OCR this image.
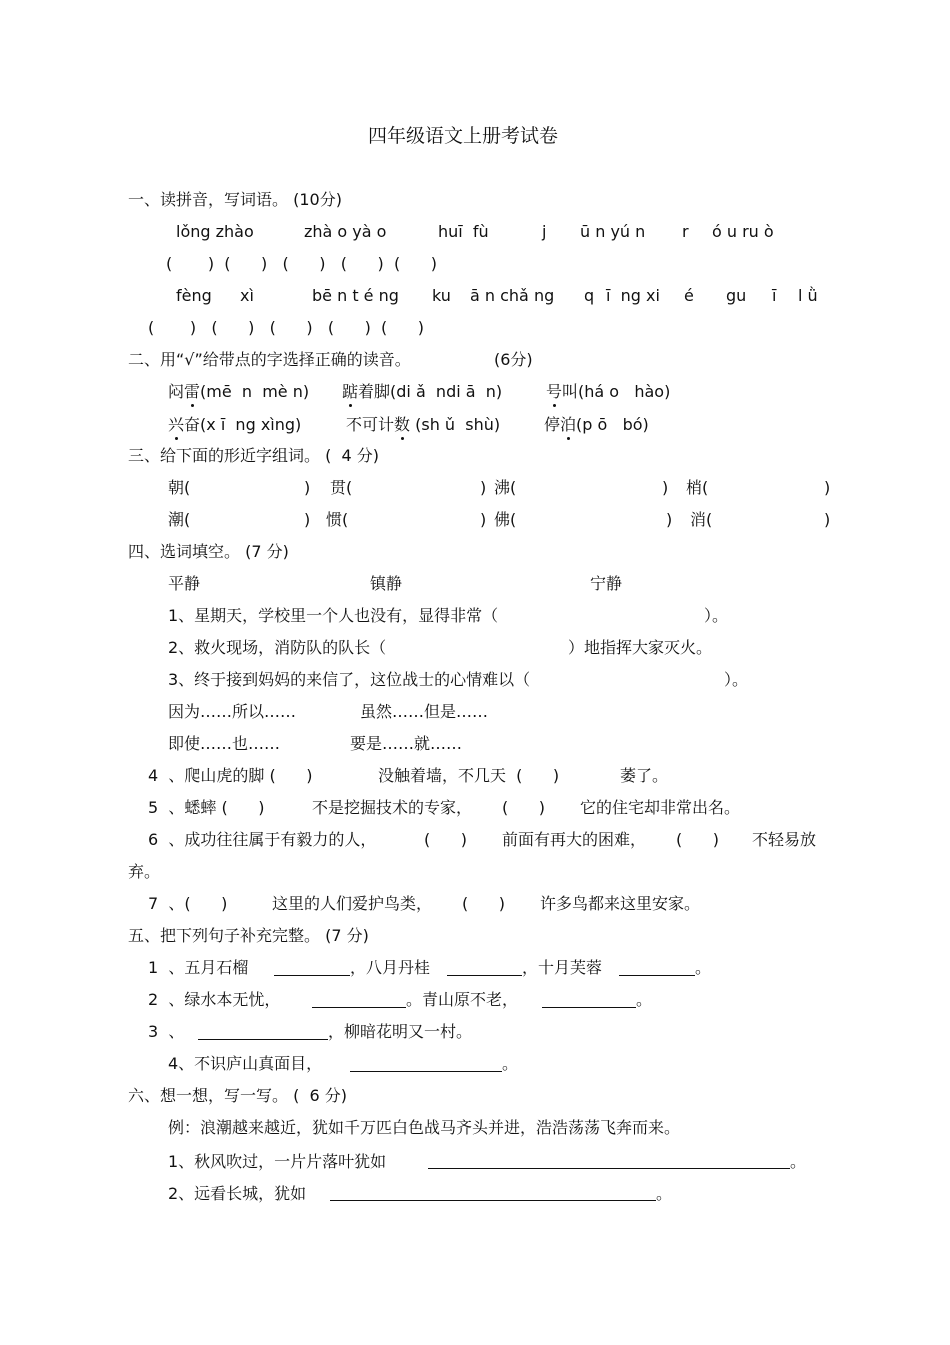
四年级语文上册考试卷
一、读拼音，写词语。 (10分)
lǒng zhào	zhà o yà o	huī  fù	j ū n yú n r ó u ru ò
(       )  (      )   (      )   (      )  (      )
fèng xì	bē n t é ng ku ā n chǎ ng q ī  ng xi é gu ī l ǜ
(       )   (      )   (      )   (      )  (      )
二、用“√”给带点的字选择正确的读音。	(6分)
闷雷(mē  n  mè n) 踮着脚(di ǎ  ndi ā  n)	号叫(há o   hào)
兴奋(x ī  ng xìng)	不可计数 (sh ǔ  shù)	停泊(p ō   bó)
三、给下面的形近字组词。 (  4 分)
朝(	) 贯(	) 沸(	) 梢(	)
潮(	) 惯(	) 佛(	) 消(	)
四、选词填空。 (7 分)
平静	镇静	宁静
1、星期天，学校里一个人也没有，显得非常（	）。
2、救火现场，消防队的队长（	）地指挥大家灭火。
3、终于接到妈妈的来信了，这位战士的心情难以（	）。
因为……所以……	虽然……但是……
即使……也……	要是……就……
4  、爬山虎的脚 (      )	没触着墙，不几天  (      )	萎了。
5  、蟋蟀 (      )	不是挖掘技术的专家， (      ) 它的住宅却非常出名。
6  、成功往往属于有毅力的人，	(      ) 前面有再大的困难， (      ) 不轻易放
弃。
7  、(      )	这里的人们爱护鸟类， (      ) 许多鸟都来这里安家。
五、把下列句子补充完整。 (7 分)
1  、五月石榴	，八月丹桂	，十月芙蓉	。
2  、绿水本无忧，	。青山原不老，	。
3  、	，柳暗花明又一村。
4、不识庐山真面目，	。
六、想一想，写一写。 (  6 分)
例：浪潮越来越近，犹如千万匹白色战马齐头并进，浩浩荡荡飞奔而来。
1、秋风吹过，一片片落叶犹如	。
2、远看长城，犹如	。
